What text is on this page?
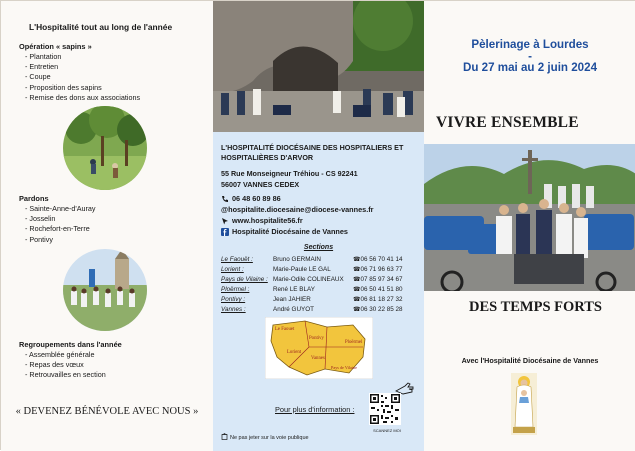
L'Hospitalité tout au long de l'année
Opération « sapins »
- Plantation
- Entretien
- Coupe
- Proposition des sapins
- Remise des dons aux associations
Pardons
- Sainte-Anne-d'Auray
- Josselin
- Rochefort-en-Terre
- Pontivy
Regroupements dans l'année
- Assemblée générale
- Repas des vœux
- Retrouvailles en section
« DEVENEZ BÉNÉVOLE AVEC NOUS »
L'HOSPITALITÉ DIOCÉSAINE DES HOSPITALIERS ET HOSPITALIÈRES D'ARVOR
55 Rue Monseigneur Tréhiou - CS 92241
56007 VANNES CEDEX
06 48 60 89 86
@hospitalite.diocesaine@diocese-vannes.fr
www.hospitalite56.fr
Hospitalité Diocésaine de Vannes
Sections
Le Faouët :	Bruno GERMAIN	☎ 06 56 70 41 14
Lorient :	Marie-Paule LE GAL	☎ 06 71 96 63 77
Pays de Vilaine : Marie-Odile COLINEAUX	☎ 07 85 97 34 67
Ploërmel :	René LE BLAY	☎ 06 50 41 51 80
Pontivy :	Jean JAHIER	☎ 06 81 18 27 32
Vannes :	André GUYOT	☎ 06 30 22 85 28
Le Faouet
Pontivy
Ploërmel
Lorient
Vannes
Pays de Vilaine
Pour plus d'information :
SCANNEZ MOI
Ne pas jeter sur la voie publique
Pèlerinage à Lourdes
-
Du 27 mai au 2 juin 2024
VIVRE ENSEMBLE
DES TEMPS FORTS
Avec l'Hospitalité Diocésaine de Vannes
